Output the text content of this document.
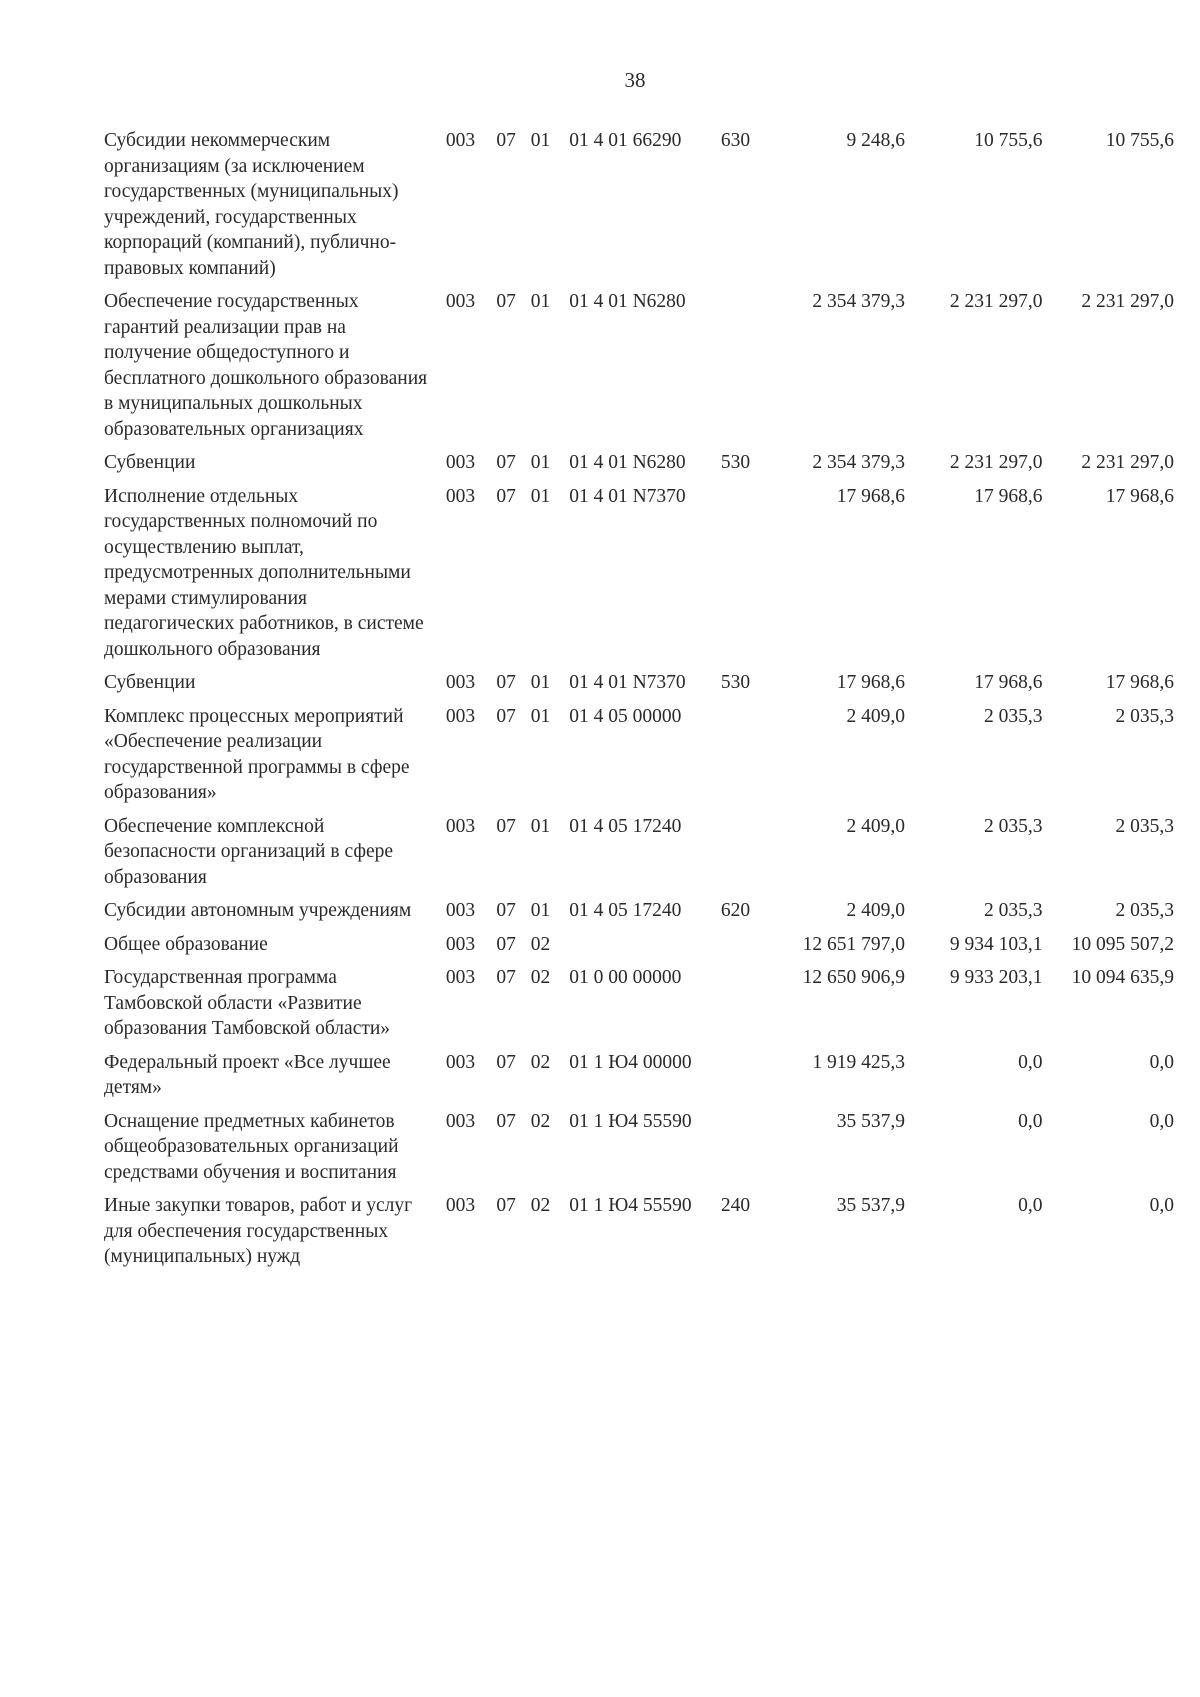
38
Субсидии некоммерческим организациям (за исключением государственных (муниципальных) учреждений, государственных корпораций (компаний), публично-правовых компаний)	003	07	01	01 4 01 66290	630	9 248,6	10 755,6	10 755,6
Обеспечение государственных гарантий реализации прав на получение общедоступного и бесплатного дошкольного образования в муниципальных дошкольных образовательных организациях	003	07	01	01 4 01 N6280		2 354 379,3	2 231 297,0	2 231 297,0
Субвенции	003	07	01	01 4 01 N6280	530	2 354 379,3	2 231 297,0	2 231 297,0
Исполнение отдельных государственных полномочий по осуществлению выплат, предусмотренных дополнительными мерами стимулирования педагогических работников, в системе дошкольного образования	003	07	01	01 4 01 N7370		17 968,6	17 968,6	17 968,6
Субвенции	003	07	01	01 4 01 N7370	530	17 968,6	17 968,6	17 968,6
Комплекс процессных мероприятий «Обеспечение реализации государственной программы в сфере образования»	003	07	01	01 4 05 00000		2 409,0	2 035,3	2 035,3
Обеспечение комплексной безопасности организаций в сфере образования	003	07	01	01 4 05 17240		2 409,0	2 035,3	2 035,3
Субсидии автономным учреждениям	003	07	01	01 4 05 17240	620	2 409,0	2 035,3	2 035,3
Общее образование	003	07	02			12 651 797,0	9 934 103,1	10 095 507,2
Государственная программа Тамбовской области «Развитие образования Тамбовской области»	003	07	02	01 0 00 00000		12 650 906,9	9 933 203,1	10 094 635,9
Федеральный проект «Все лучшее детям»	003	07	02	01 1 Ю4 00000		1 919 425,3	0,0	0,0
Оснащение предметных кабинетов общеобразовательных организаций средствами обучения и воспитания	003	07	02	01 1 Ю4 55590		35 537,9	0,0	0,0
Иные закупки товаров, работ и услуг для обеспечения государственных (муниципальных) нужд	003	07	02	01 1 Ю4 55590	240	35 537,9	0,0	0,0
